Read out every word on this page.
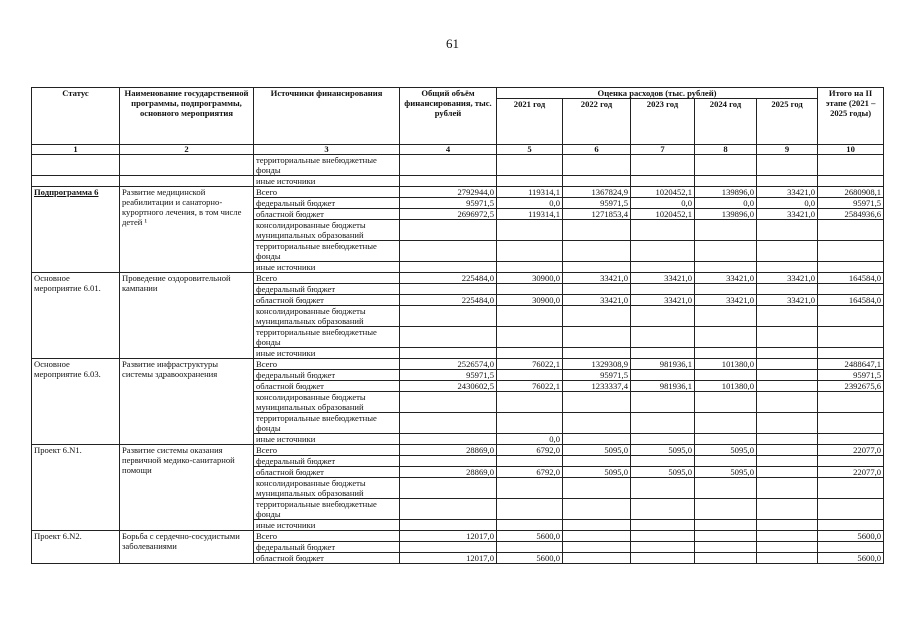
61
Статус	Наименование государственной программы, подпрограммы, основного мероприятия	Источники финансирования	Общий объём финансирования, тыс. рублей	Оценка расходов (тыс. рублей)					Итого на II этапе (2021 – 2025 годы)
				2021 год	2022 год	2023 год	2024 год	2025 год	
1	2	3	4	5	6	7	8	9	10
		территориальные внебюджетные фонды							
		иные источники							
Подпрограмма 6	Развитие медицинской реабилитации и санаторно-курортного лечения, в том числе детей ¹	Всего	2792944,0	119314,1	1367824,9	1020452,1	139896,0	33421,0	2680908,1
		федеральный бюджет	95971,5	0,0	95971,5	0,0	0,0	0,0	95971,5
		областной бюджет	2696972,5	119314,1	1271853,4	1020452,1	139896,0	33421,0	2584936,6
		консолидированные бюджеты муниципальных образований							
		территориальные внебюджетные фонды							
		иные источники							
Основное мероприятие 6.01.	Проведение оздоровительной кампании	Всего	225484,0	30900,0	33421,0	33421,0	33421,0	33421,0	164584,0
		федеральный бюджет							
		областной бюджет	225484,0	30900,0	33421,0	33421,0	33421,0	33421,0	164584,0
		консолидированные бюджеты муниципальных образований							
		территориальные внебюджетные фонды							
		иные источники							
Основное мероприятие 6.03.	Развитие инфраструктуры системы здравоохранения	Всего	2526574,0	76022,1	1329308,9	981936,1	101380,0		2488647,1
		федеральный бюджет	95971,5		95971,5				95971,5
		областной бюджет	2430602,5	76022,1	1233337,4	981936,1	101380,0		2392675,6
		консолидированные бюджеты муниципальных образований							
		территориальные внебюджетные фонды							
		иные источники		0,0					
Проект 6.N1.	Развитие системы оказания первичной медико-санитарной помощи	Всего	28869,0	6792,0	5095,0	5095,0	5095,0		22077,0
		федеральный бюджет							
		областной бюджет	28869,0	6792,0	5095,0	5095,0	5095,0		22077,0
		консолидированные бюджеты муниципальных образований							
		территориальные внебюджетные фонды							
		иные источники							
Проект 6.N2.	Борьба с сердечно-сосудистыми заболеваниями	Всего	12017,0	5600,0					5600,0
		федеральный бюджет							
		областной бюджет	12017,0	5600,0					5600,0
